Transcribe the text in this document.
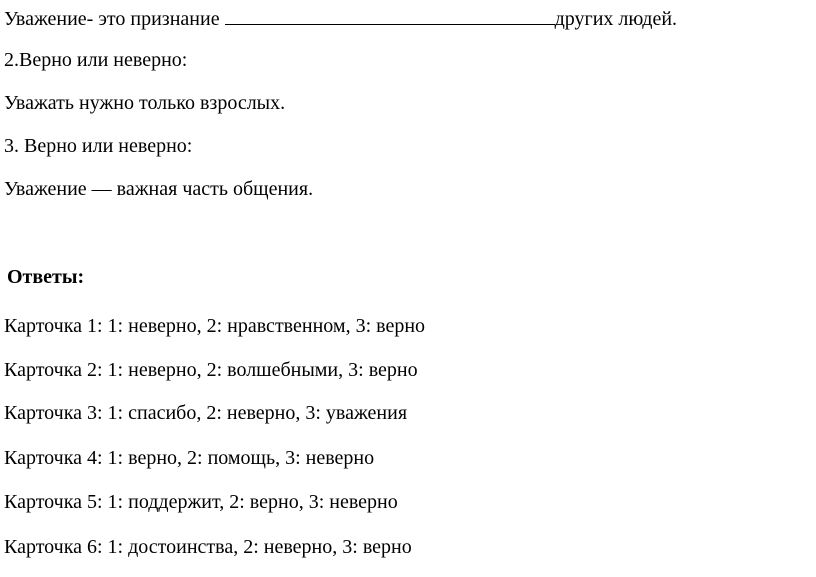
Уважение- это признание	других людей.
2.Верно или неверно:
Уважать нужно только взрослых.
3. Верно или неверно:
Уважение — важная часть общения.
Ответы:
Карточка 1: 1: неверно, 2: нравственном, 3: верно
Карточка 2: 1: неверно, 2: волшебными, 3: верно
Карточка 3: 1: спасибо, 2: неверно, 3: уважения
Карточка 4: 1: верно, 2: помощь, 3: неверно
Карточка 5: 1: поддержит, 2: верно, 3: неверно
Карточка 6: 1: достоинства, 2: неверно, 3: верно
